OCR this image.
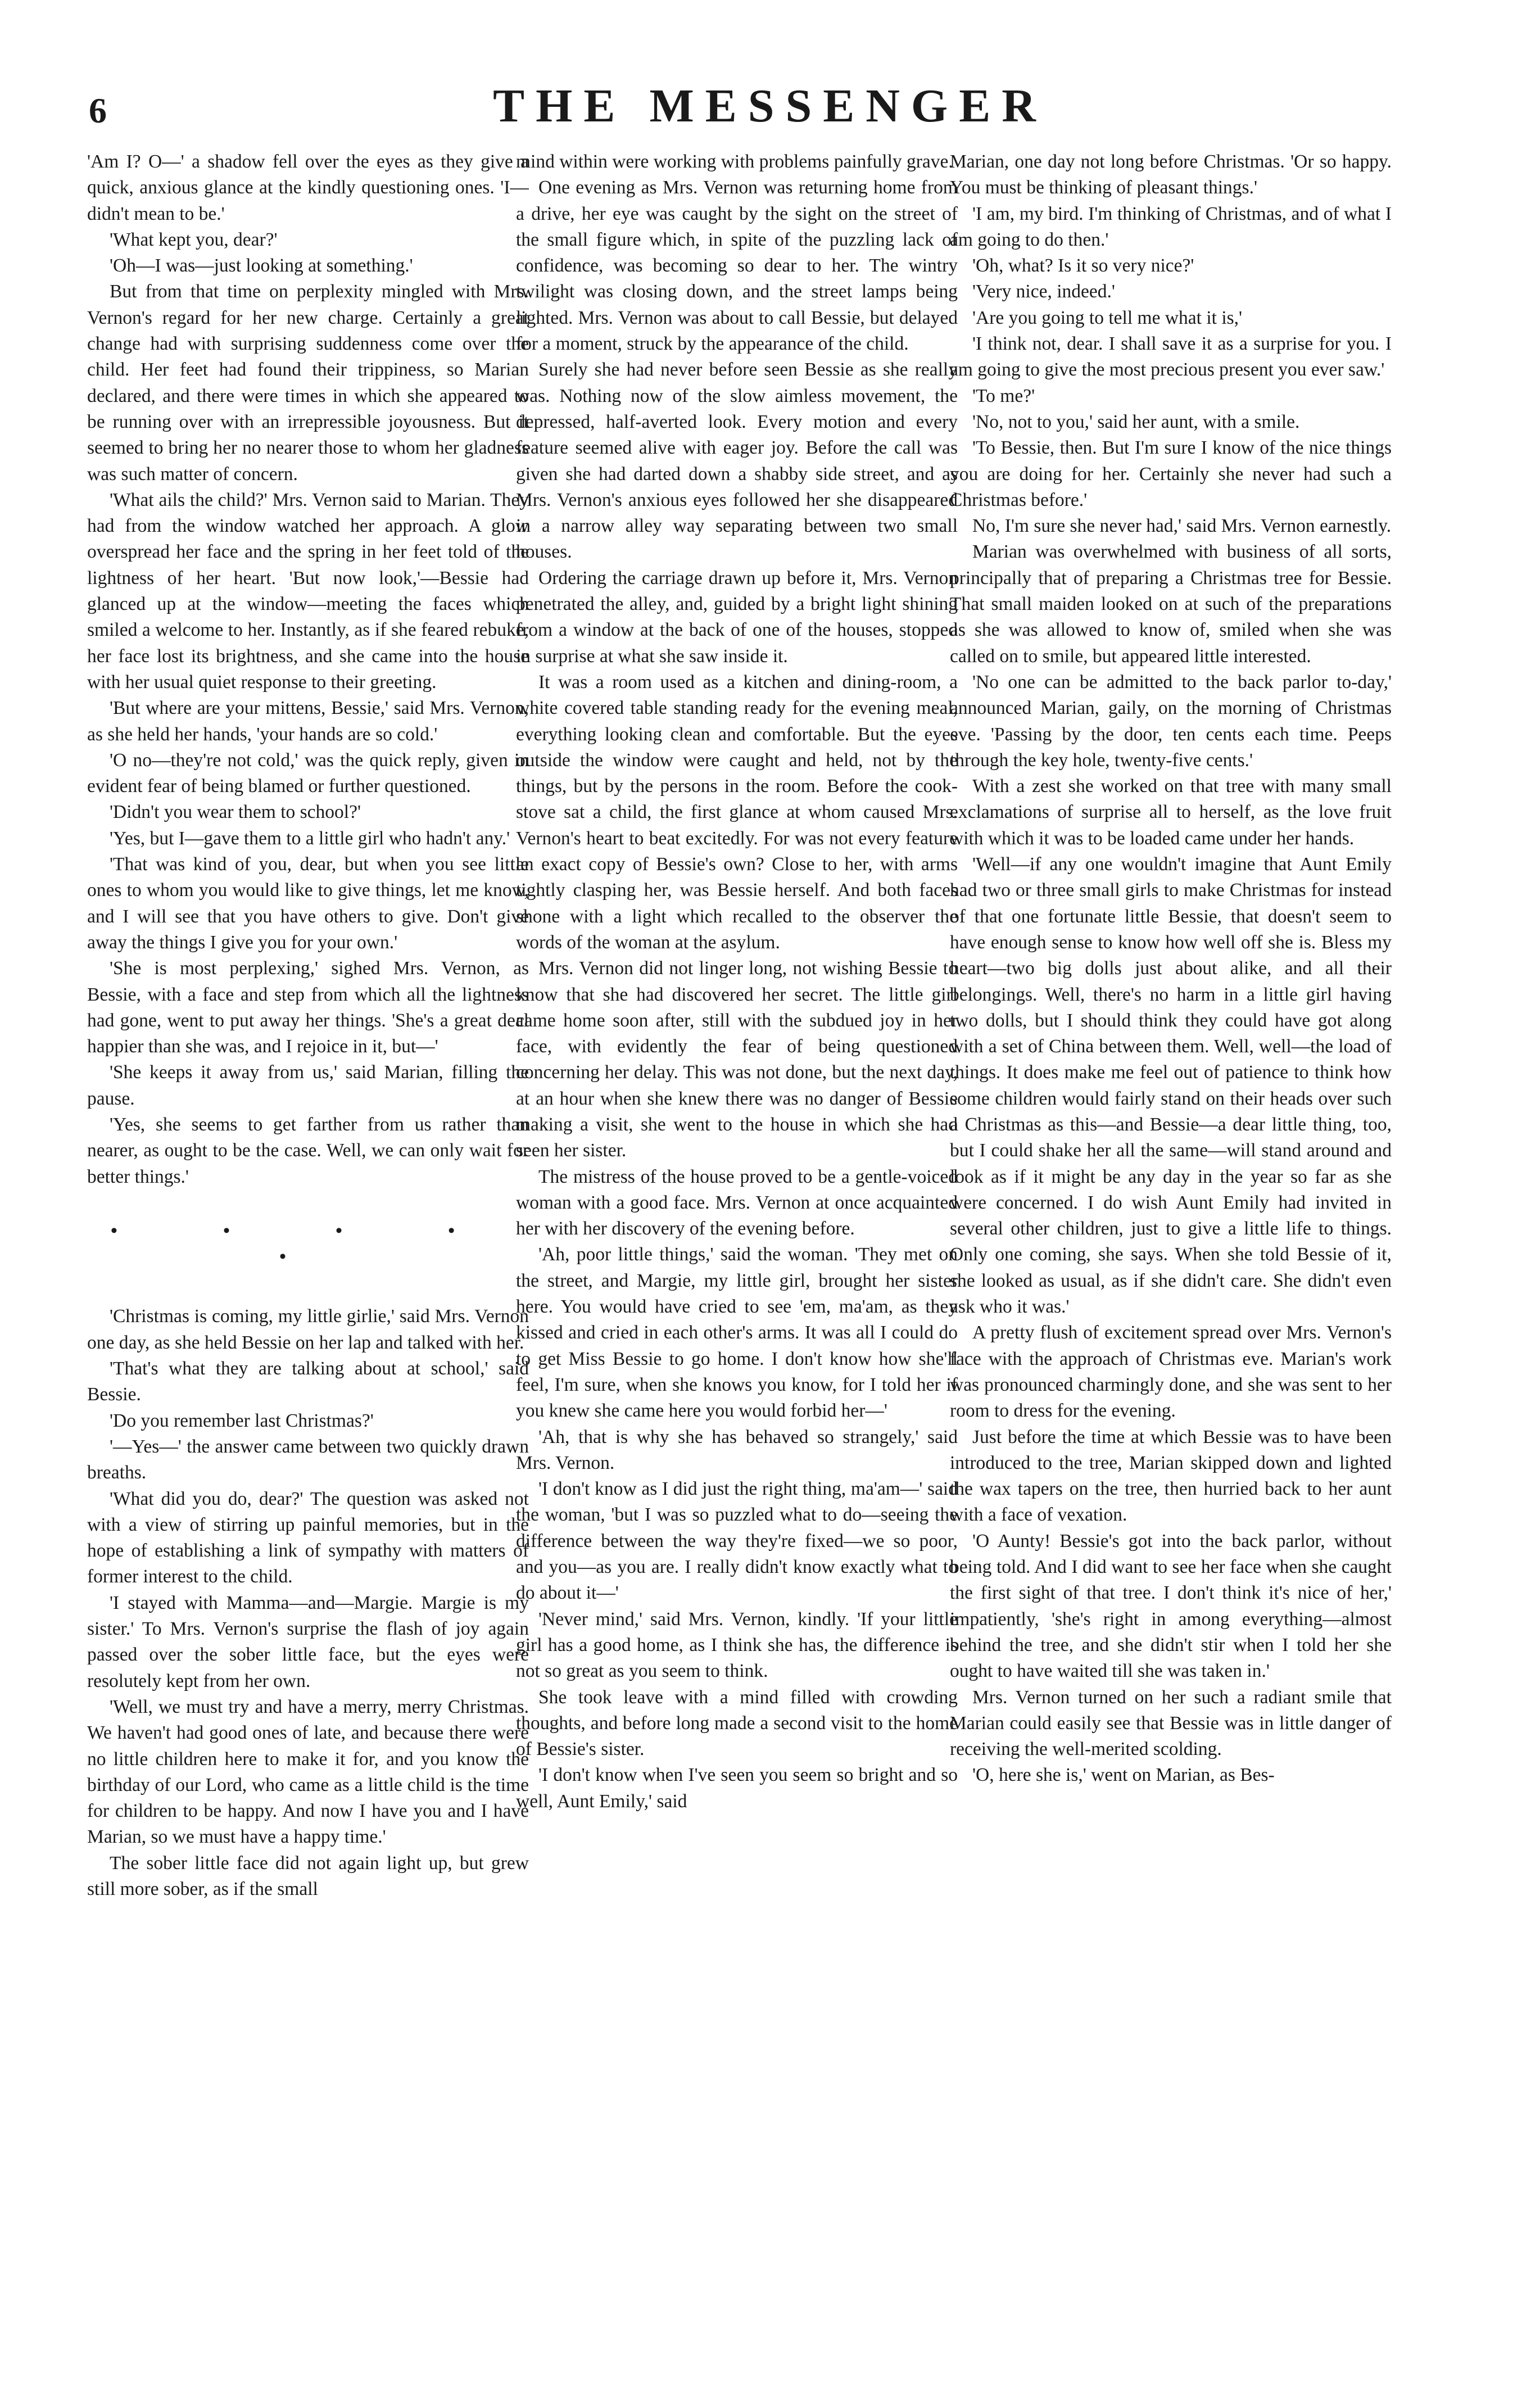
6	THE MESSENGER

'Am I? O—' a shadow fell over the eyes as they give a quick, anxious glance at the kindly questioning ones. 'I—didn't mean to be.'

'What kept you, dear?'

'Oh—I was—just looking at something.'

But from that time on perplexity mingled with Mrs. Vernon's regard for her new charge. Certainly a great change had with surprising suddenness come over the child. Her feet had found their trippiness, so Marian declared, and there were times in which she appeared to be running over with an irrepressible joyousness. But it seemed to bring her no nearer those to whom her gladness was such matter of concern.

'What ails the child?' Mrs. Vernon said to Marian. They had from the window watched her approach. A glow overspread her face and the spring in her feet told of the lightness of her heart. 'But now look,'—Bessie had glanced up at the window—meeting the faces which smiled a welcome to her. Instantly, as if she feared rebuke, her face lost its brightness, and she came into the house with her usual quiet response to their greeting.

'But where are your mittens, Bessie,' said Mrs. Vernon, as she held her hands, 'your hands are so cold.'

'O no—they're not cold,' was the quick reply, given in evident fear of being blamed or further questioned.

'Didn't you wear them to school?'

'Yes, but I—gave them to a little girl who hadn't any.'

'That was kind of you, dear, but when you see little ones to whom you would like to give things, let me know, and I will see that you have others to give. Don't give away the things I give you for your own.'

'She is most perplexing,' sighed Mrs. Vernon, as Bessie, with a face and step from which all the lightness had gone, went to put away her things. 'She's a great deal happier than she was, and I rejoice in it, but—'

'She keeps it away from us,' said Marian, filling the pause.

'Yes, she seems to get farther from us rather than nearer, as ought to be the case. Well, we can only wait for better things.'

• • • • •

'Christmas is coming, my little girlie,' said Mrs. Vernon one day, as she held Bessie on her lap and talked with her.

'That's what they are talking about at school,' said Bessie.

'Do you remember last Christmas?'

'—Yes—' the answer came between two quickly drawn breaths.

'What did you do, dear?' The question was asked not with a view of stirring up painful memories, but in the hope of establishing a link of sympathy with matters of former interest to the child.

'I stayed with Mamma—and—Margie. Margie is my sister.' To Mrs. Vernon's surprise the flash of joy again passed over the sober little face, but the eyes were resolutely kept from her own.

'Well, we must try and have a merry, merry Christmas. We haven't had good ones of late, and because there were no little children here to make it for, and you know the birthday of our Lord, who came as a little child is the time for children to be happy. And now I have you and I have Marian, so we must have a happy time.'

The sober little face did not again light up, but grew still more sober, as if the small

mind within were working with problems painfully grave.

One evening as Mrs. Vernon was returning home from a drive, her eye was caught by the sight on the street of the small figure which, in spite of the puzzling lack of confidence, was becoming so dear to her. The wintry twilight was closing down, and the street lamps being lighted. Mrs. Vernon was about to call Bessie, but delayed for a moment, struck by the appearance of the child.

Surely she had never before seen Bessie as she really was. Nothing now of the slow aimless movement, the depressed, half-averted look. Every motion and every feature seemed alive with eager joy. Before the call was given she had darted down a shabby side street, and as Mrs. Vernon's anxious eyes followed her she disappeared in a narrow alley way separating between two small houses.

Ordering the carriage drawn up before it, Mrs. Vernon penetrated the alley, and, guided by a bright light shining from a window at the back of one of the houses, stopped in surprise at what she saw inside it.

It was a room used as a kitchen and dining-room, a white covered table standing ready for the evening meal, everything looking clean and comfortable. But the eyes outside the window were caught and held, not by the things, but by the persons in the room. Before the cook-stove sat a child, the first glance at whom caused Mrs. Vernon's heart to beat excitedly. For was not every feature an exact copy of Bessie's own? Close to her, with arms tightly clasping her, was Bessie herself. And both faces shone with a light which recalled to the observer the words of the woman at the asylum.

Mrs. Vernon did not linger long, not wishing Bessie to know that she had discovered her secret. The little girl came home soon after, still with the subdued joy in her face, with evidently the fear of being questioned concerning her delay. This was not done, but the next day, at an hour when she knew there was no danger of Bessie making a visit, she went to the house in which she had seen her sister.

The mistress of the house proved to be a gentle-voiced woman with a good face. Mrs. Vernon at once acquainted her with her discovery of the evening before.

'Ah, poor little things,' said the woman. 'They met on the street, and Margie, my little girl, brought her sister here. You would have cried to see 'em, ma'am, as they kissed and cried in each other's arms. It was all I could do to get Miss Bessie to go home. I don't know how she'll feel, I'm sure, when she knows you know, for I told her if you knew she came here you would forbid her—'

'Ah, that is why she has behaved so strangely,' said Mrs. Vernon.

'I don't know as I did just the right thing, ma'am—' said the woman, 'but I was so puzzled what to do—seeing the difference between the way they're fixed—we so poor, and you—as you are. I really didn't know exactly what to do about it—'

'Never mind,' said Mrs. Vernon, kindly. 'If your little girl has a good home, as I think she has, the difference is not so great as you seem to think.

She took leave with a mind filled with crowding thoughts, and before long made a second visit to the home of Bessie's sister.

'I don't know when I've seen you seem so bright and so well, Aunt Emily,' said

Marian, one day not long before Christmas. 'Or so happy. You must be thinking of pleasant things.'

'I am, my bird. I'm thinking of Christmas, and of what I am going to do then.'

'Oh, what? Is it so very nice?'

'Very nice, indeed.'

'Are you going to tell me what it is,'

'I think not, dear. I shall save it as a surprise for you. I am going to give the most precious present you ever saw.'

'To me?'

'No, not to you,' said her aunt, with a smile.

'To Bessie, then. But I'm sure I know of the nice things you are doing for her. Certainly she never had such a Christmas before.'

No, I'm sure she never had,' said Mrs. Vernon earnestly.

Marian was overwhelmed with business of all sorts, principally that of preparing a Christmas tree for Bessie. That small maiden looked on at such of the preparations as she was allowed to know of, smiled when she was called on to smile, but appeared little interested.

'No one can be admitted to the back parlor to-day,' announced Marian, gaily, on the morning of Christmas eve. 'Passing by the door, ten cents each time. Peeps through the key hole, twenty-five cents.'

With a zest she worked on that tree with many small exclamations of surprise all to herself, as the love fruit with which it was to be loaded came under her hands.

'Well—if any one wouldn't imagine that Aunt Emily had two or three small girls to make Christmas for instead of that one fortunate little Bessie, that doesn't seem to have enough sense to know how well off she is. Bless my heart—two big dolls just about alike, and all their belongings. Well, there's no harm in a little girl having two dolls, but I should think they could have got along with a set of China between them. Well, well—the load of things. It does make me feel out of patience to think how some children would fairly stand on their heads over such a Christmas as this—and Bessie—a dear little thing, too, but I could shake her all the same—will stand around and look as if it might be any day in the year so far as she were concerned. I do wish Aunt Emily had invited in several other children, just to give a little life to things. Only one coming, she says. When she told Bessie of it, she looked as usual, as if she didn't care. She didn't even ask who it was.'

A pretty flush of excitement spread over Mrs. Vernon's face with the approach of Christmas eve. Marian's work was pronounced charmingly done, and she was sent to her room to dress for the evening.

Just before the time at which Bessie was to have been introduced to the tree, Marian skipped down and lighted the wax tapers on the tree, then hurried back to her aunt with a face of vexation.

'O Aunty! Bessie's got into the back parlor, without being told. And I did want to see her face when she caught the first sight of that tree. I don't think it's nice of her,' impatiently, 'she's right in among everything—almost behind the tree, and she didn't stir when I told her she ought to have waited till she was taken in.'

Mrs. Vernon turned on her such a radiant smile that Marian could easily see that Bessie was in little danger of receiving the well-merited scolding.

'O, here she is,' went on Marian, as Bes-
